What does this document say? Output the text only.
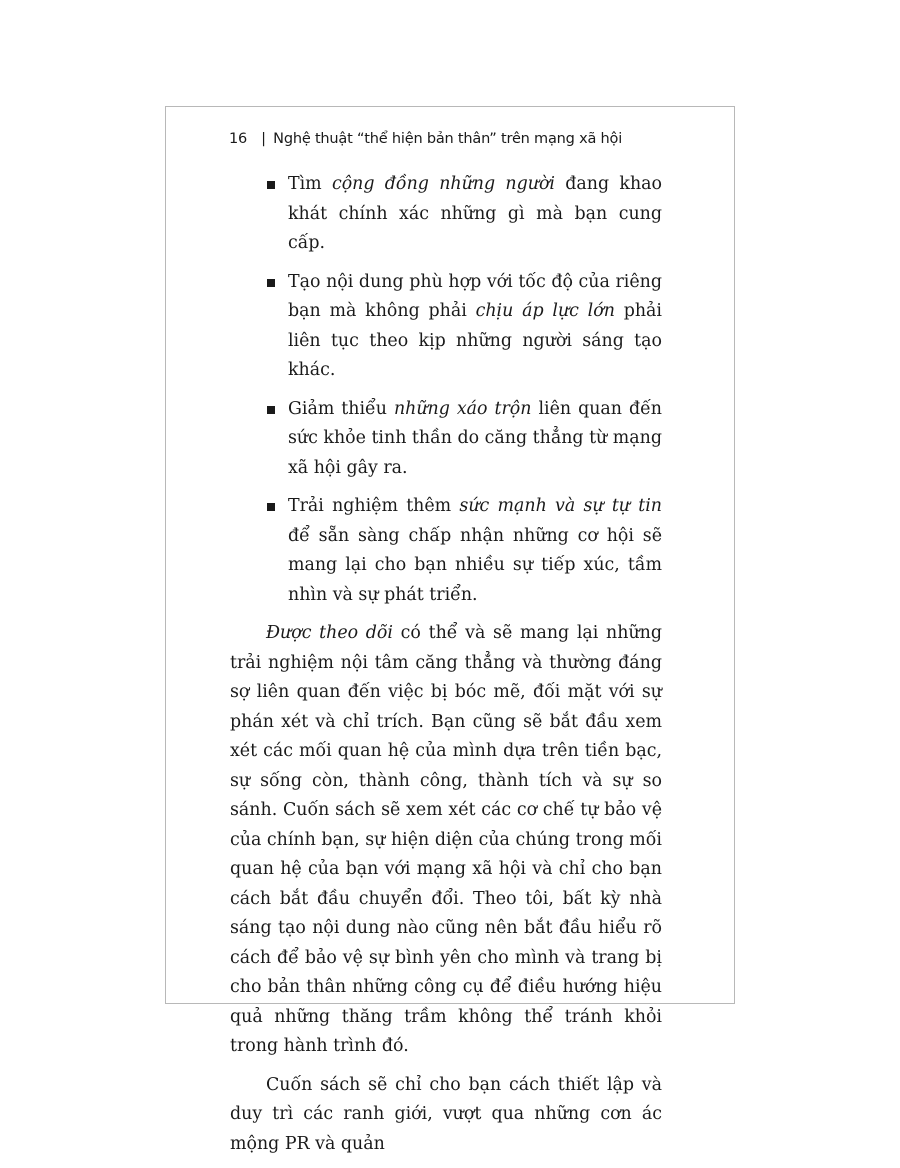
16 | Nghệ thuật “thể hiện bản thân” trên mạng xã hội
Tìm cộng đồng những người đang khao khát chính xác những gì mà bạn cung cấp.
Tạo nội dung phù hợp với tốc độ của riêng bạn mà không phải chịu áp lực lớn phải liên tục theo kịp những người sáng tạo khác.
Giảm thiểu những xáo trộn liên quan đến sức khỏe tinh thần do căng thẳng từ mạng xã hội gây ra.
Trải nghiệm thêm sức mạnh và sự tự tin để sẵn sàng chấp nhận những cơ hội sẽ mang lại cho bạn nhiều sự tiếp xúc, tầm nhìn và sự phát triển.

Được theo dõi có thể và sẽ mang lại những trải nghiệm nội tâm căng thẳng và thường đáng sợ liên quan đến việc bị bóc mẽ, đối mặt với sự phán xét và chỉ trích. Bạn cũng sẽ bắt đầu xem xét các mối quan hệ của mình dựa trên tiền bạc, sự sống còn, thành công, thành tích và sự so sánh. Cuốn sách sẽ xem xét các cơ chế tự bảo vệ của chính bạn, sự hiện diện của chúng trong mối quan hệ của bạn với mạng xã hội và chỉ cho bạn cách bắt đầu chuyển đổi. Theo tôi, bất kỳ nhà sáng tạo nội dung nào cũng nên bắt đầu hiểu rõ cách để bảo vệ sự bình yên cho mình và trang bị cho bản thân những công cụ để điều hướng hiệu quả những thăng trầm không thể tránh khỏi trong hành trình đó.

Cuốn sách sẽ chỉ cho bạn cách thiết lập và duy trì các ranh giới, vượt qua những cơn ác mộng PR và quản
